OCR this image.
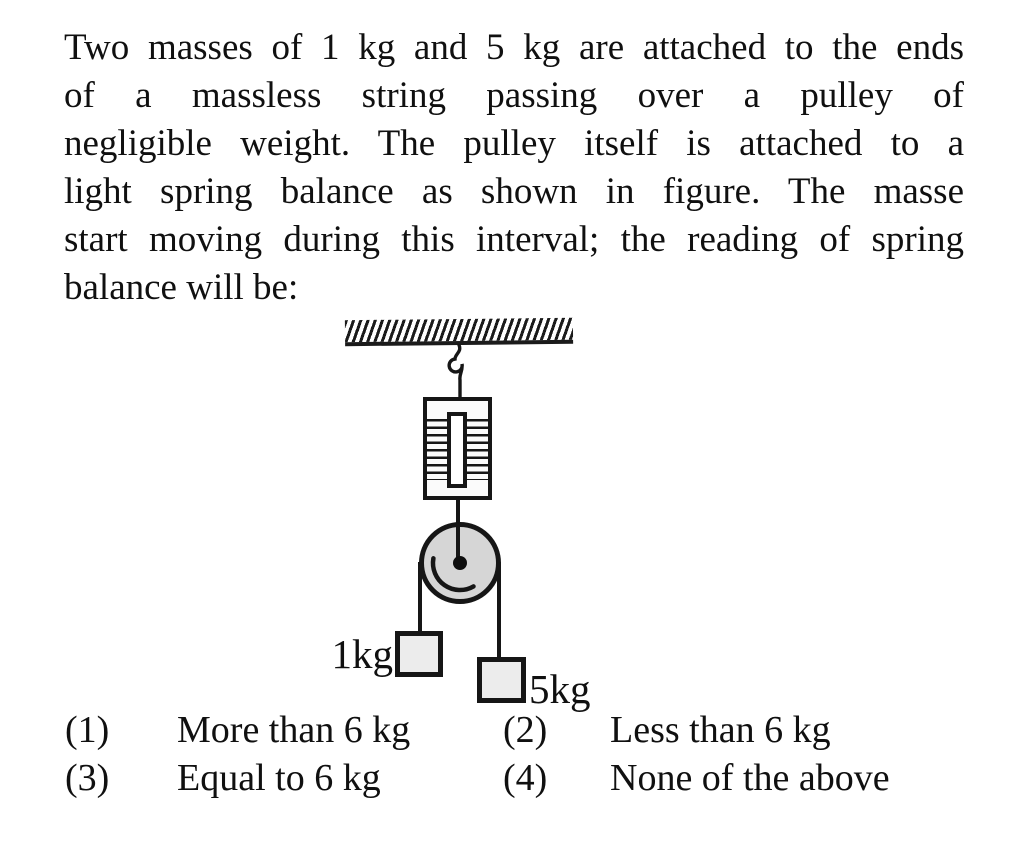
Two masses of 1 kg and 5 kg are attached to the ends
of a massless string passing over a pulley of
negligible weight. The pulley itself is attached to a
light spring balance as shown in figure. The masse
start moving during this interval; the reading of spring
balance will be:
1kg
5kg
(1) More than 6 kg (2) Less than 6 kg
(3) Equal to 6 kg	(4) None of the above
